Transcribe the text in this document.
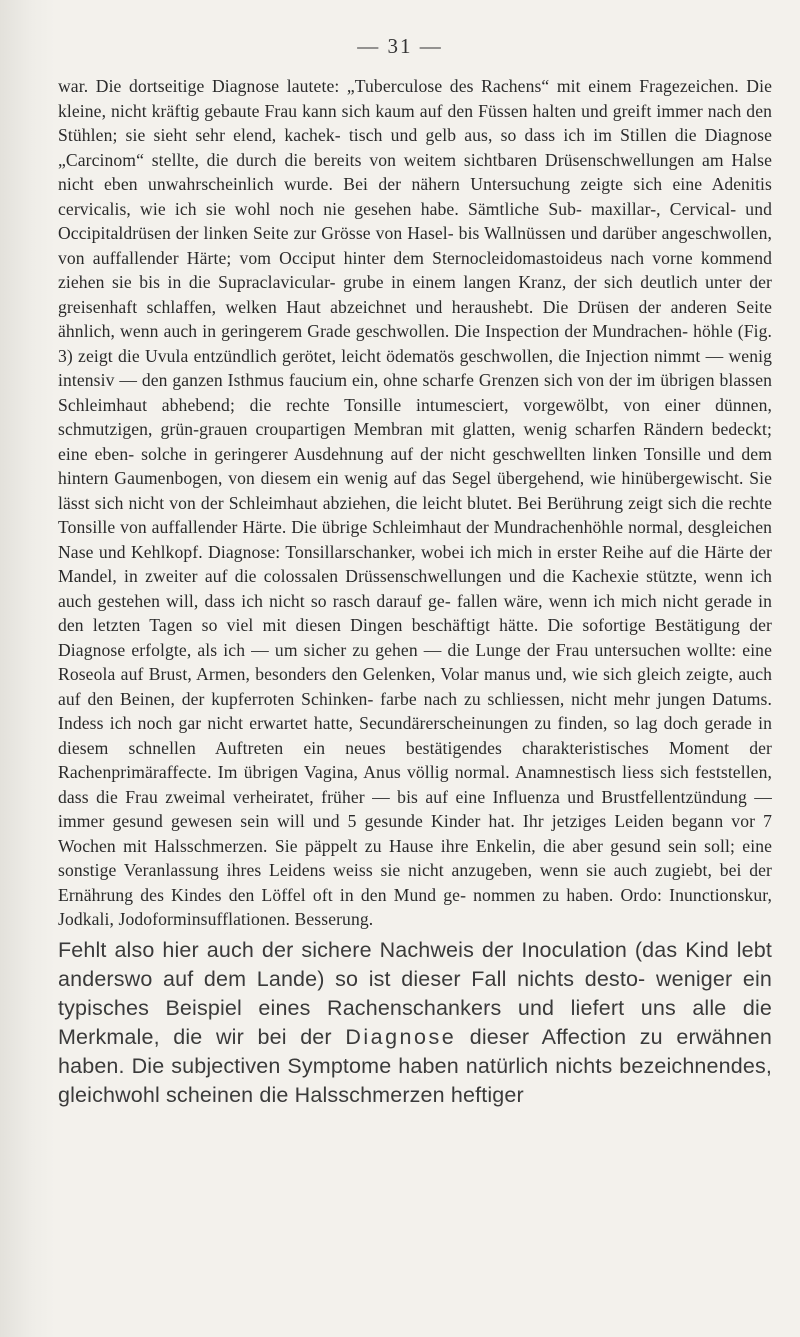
— 31 —

war. Die dortseitige Diagnose lautete: „Tuberculose des Rachens“ mit einem Fragezeichen. Die kleine, nicht kräftig gebaute Frau kann sich kaum auf den Füssen halten und greift immer nach den Stühlen; sie sieht sehr elend, kachek- tisch und gelb aus, so dass ich im Stillen die Diagnose „Carcinom“ stellte, die durch die bereits von weitem sichtbaren Drüsenschwellungen am Halse nicht eben unwahrscheinlich wurde. Bei der nähern Untersuchung zeigte sich eine Adenitis cervicalis, wie ich sie wohl noch nie gesehen habe. Sämtliche Sub- maxillar-, Cervical- und Occipitaldrüsen der linken Seite zur Grösse von Hasel- bis Wallnüssen und darüber angeschwollen, von auffallender Härte; vom Occiput hinter dem Sternocleidomastoideus nach vorne kommend ziehen sie bis in die Supraclavicular- grube in einem langen Kranz, der sich deutlich unter der greisenhaft schlaffen, welken Haut abzeichnet und heraushebt. Die Drüsen der anderen Seite ähnlich, wenn auch in geringerem Grade geschwollen. Die Inspection der Mundrachen- höhle (Fig. 3) zeigt die Uvula entzündlich gerötet, leicht ödematös geschwollen, die Injection nimmt — wenig intensiv — den ganzen Isthmus faucium ein, ohne scharfe Grenzen sich von der im übrigen blassen Schleimhaut abhebend; die rechte Tonsille intumesciert, vorgewölbt, von einer dünnen, schmutzigen, grün-grauen croupartigen Membran mit glatten, wenig scharfen Rändern bedeckt; eine eben- solche in geringerer Ausdehnung auf der nicht geschwellten linken Tonsille und dem hintern Gaumenbogen, von diesem ein wenig auf das Segel übergehend, wie hinübergewischt. Sie lässt sich nicht von der Schleimhaut abziehen, die leicht blutet. Bei Berührung zeigt sich die rechte Tonsille von auffallender Härte. Die übrige Schleimhaut der Mundrachenhöhle normal, desgleichen Nase und Kehlkopf. Diagnose: Tonsillarschanker, wobei ich mich in erster Reihe auf die Härte der Mandel, in zweiter auf die colossalen Drüssenschwellungen und die Kachexie stützte, wenn ich auch gestehen will, dass ich nicht so rasch darauf ge- fallen wäre, wenn ich mich nicht gerade in den letzten Tagen so viel mit diesen Dingen beschäftigt hätte. Die sofortige Bestätigung der Diagnose erfolgte, als ich — um sicher zu gehen — die Lunge der Frau untersuchen wollte: eine Roseola auf Brust, Armen, besonders den Gelenken, Volar manus und, wie sich gleich zeigte, auch auf den Beinen, der kupferroten Schinken- farbe nach zu schliessen, nicht mehr jungen Datums. Indess ich noch gar nicht erwartet hatte, Secundärerscheinungen zu finden, so lag doch gerade in diesem schnellen Auftreten ein neues bestätigendes charakteristisches Moment der Rachenprimäraffecte. Im übrigen Vagina, Anus völlig normal. Anamnestisch liess sich feststellen, dass die Frau zweimal verheiratet, früher — bis auf eine Influenza und Brustfellentzündung — immer gesund gewesen sein will und 5 gesunde Kinder hat. Ihr jetziges Leiden begann vor 7 Wochen mit Halsschmerzen. Sie päppelt zu Hause ihre Enkelin, die aber gesund sein soll; eine sonstige Veranlassung ihres Leidens weiss sie nicht anzugeben, wenn sie auch zugiebt, bei der Ernährung des Kindes den Löffel oft in den Mund ge- nommen zu haben. Ordo: Inunctionskur, Jodkali, Jodoforminsufflationen. Besserung.

Fehlt also hier auch der sichere Nachweis der Inoculation (das Kind lebt anderswo auf dem Lande) so ist dieser Fall nichts desto- weniger ein typisches Beispiel eines Rachenschankers und liefert uns alle die Merkmale, die wir bei der Diagnose dieser Affection zu erwähnen haben. Die subjectiven Symptome haben natürlich nichts bezeichnendes, gleichwohl scheinen die Halsschmerzen heftiger
